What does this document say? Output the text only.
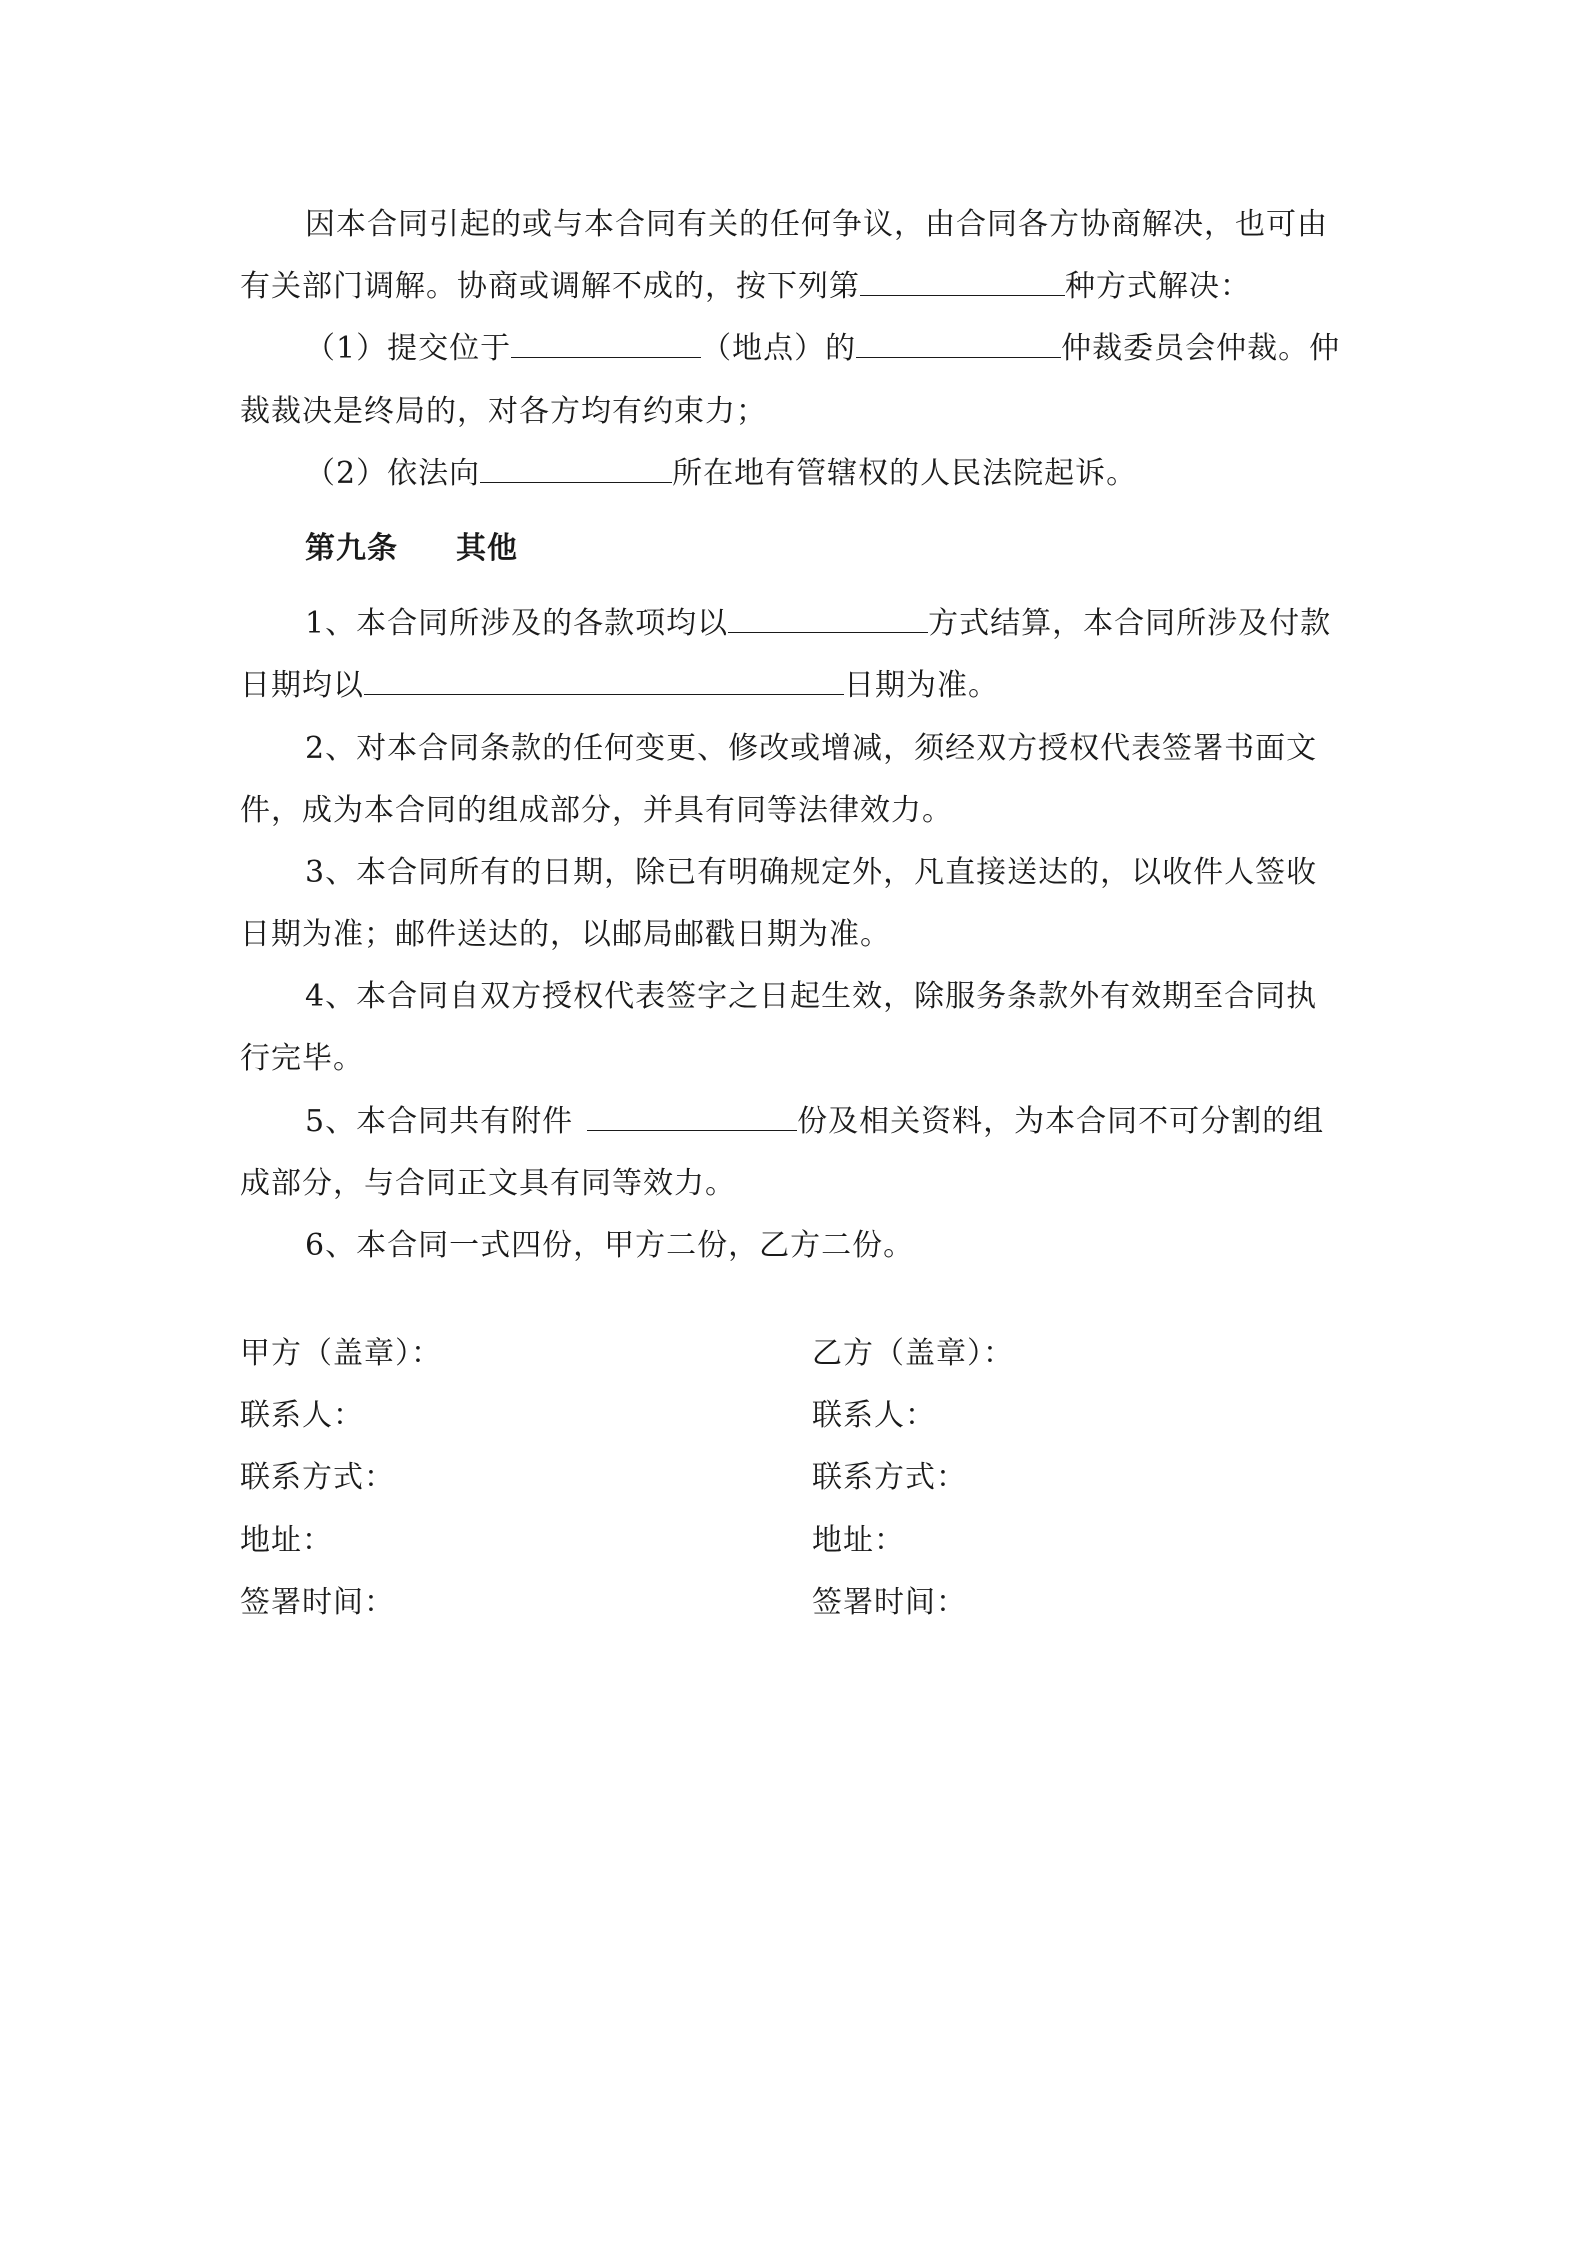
因本合同引起的或与本合同有关的任何争议，由合同各方协商解决，也可由
有关部门调解。协商或调解不成的，按下列第	种方式解决：
（1）提交位于	（地点）的	仲裁委员会仲裁。仲
裁裁决是终局的，对各方均有约束力；
（2）依法向	所在地有管辖权的人民法院起诉。
第九条 其他
1、本合同所涉及的各款项均以	方式结算，本合同所涉及付款
日期均以	日期为准。
2、对本合同条款的任何变更、修改或增减，须经双方授权代表签署书面文
件，成为本合同的组成部分，并具有同等法律效力。
3、本合同所有的日期，除已有明确规定外，凡直接送达的，以收件人签收
日期为准；邮件送达的，以邮局邮戳日期为准。
4、本合同自双方授权代表签字之日起生效，除服务条款外有效期至合同执
行完毕。
5、本合同共有附件	份及相关资料，为本合同不可分割的组
成部分，与合同正文具有同等效力。
6、本合同一式四份，甲方二份，乙方二份。
甲方（盖章）：
联系人：
联系方式：
地址：
签署时间：
乙方（盖章）：
联系人：
联系方式：
地址：
签署时间：
